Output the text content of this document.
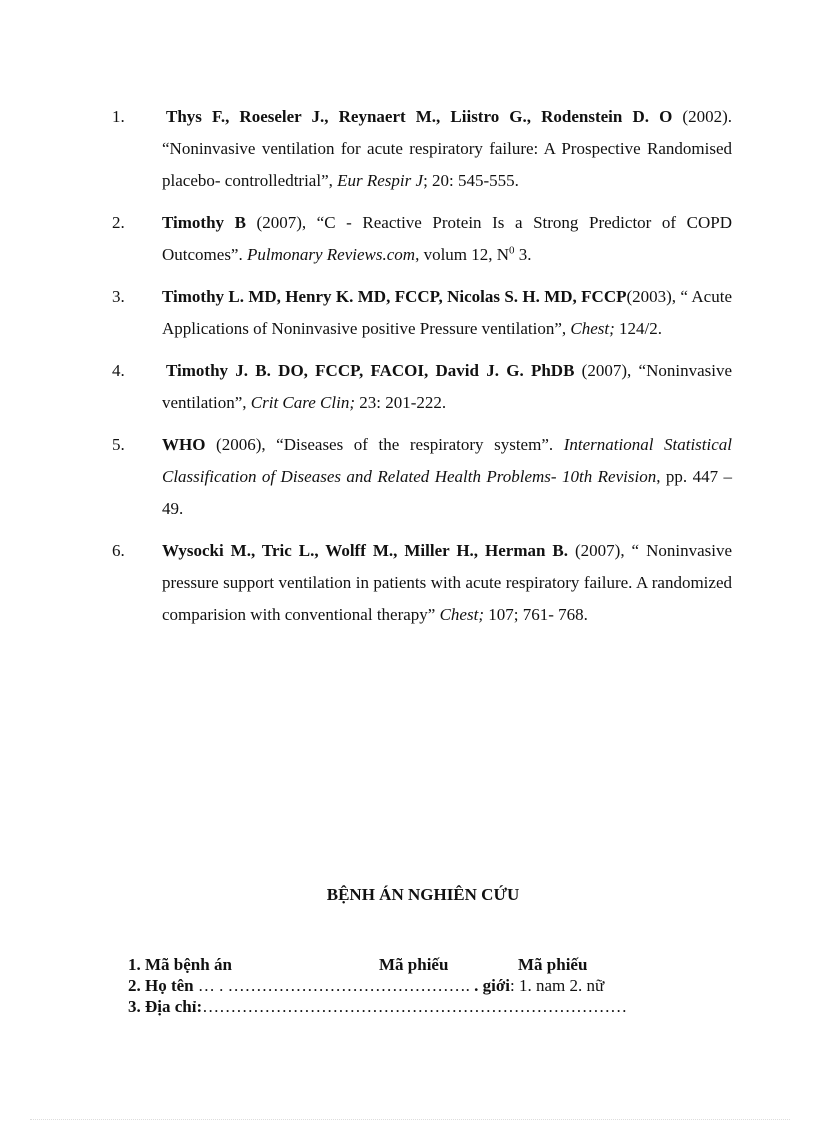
1. Thys F., Roeseler J., Reynaert M., Liistro G., Rodenstein D. O (2002). “Noninvasive ventilation for acute respiratory failure: A Prospective Randomised placebo- controlledtrial”, Eur Respir J; 20: 545-555.
2. Timothy B (2007), “C - Reactive Protein Is a Strong Predictor of COPD Outcomes”. Pulmonary Reviews.com, volum 12, $N^0$ 3.
3. Timothy L. MD, Henry K. MD, FCCP, Nicolas S. H. MD, FCCP(2003), “ Acute Applications of Noninvasive positive Pressure ventilation”, Chest; 124/2.
4. Timothy J. B. DO, FCCP, FACOI, David J. G. PhDB (2007), “Noninvasive ventilation”, Crit Care Clin; 23: 201-222.
5. WHO (2006), “Diseases of the respiratory system”. International Statistical Classification of Diseases and Related Health Problems- 10th Revision, pp. 447 – 49.
6. Wysocki M., Tric L., Wolff M., Miller H., Herman B. (2007), “ Noninvasive pressure support ventilation in patients with acute respiratory failure. A randomized comparision with conventional therapy” Chest; 107; 761- 768.
BỆNH ÁN NGHIÊN CỨU
1. Mã bệnh án	Mã phiếu	Mã phiếu
2. Họ tên … . ……………………………………. . giới: 1. nam 2. nữ
3. Địa chỉ:…………………………………………………………………
